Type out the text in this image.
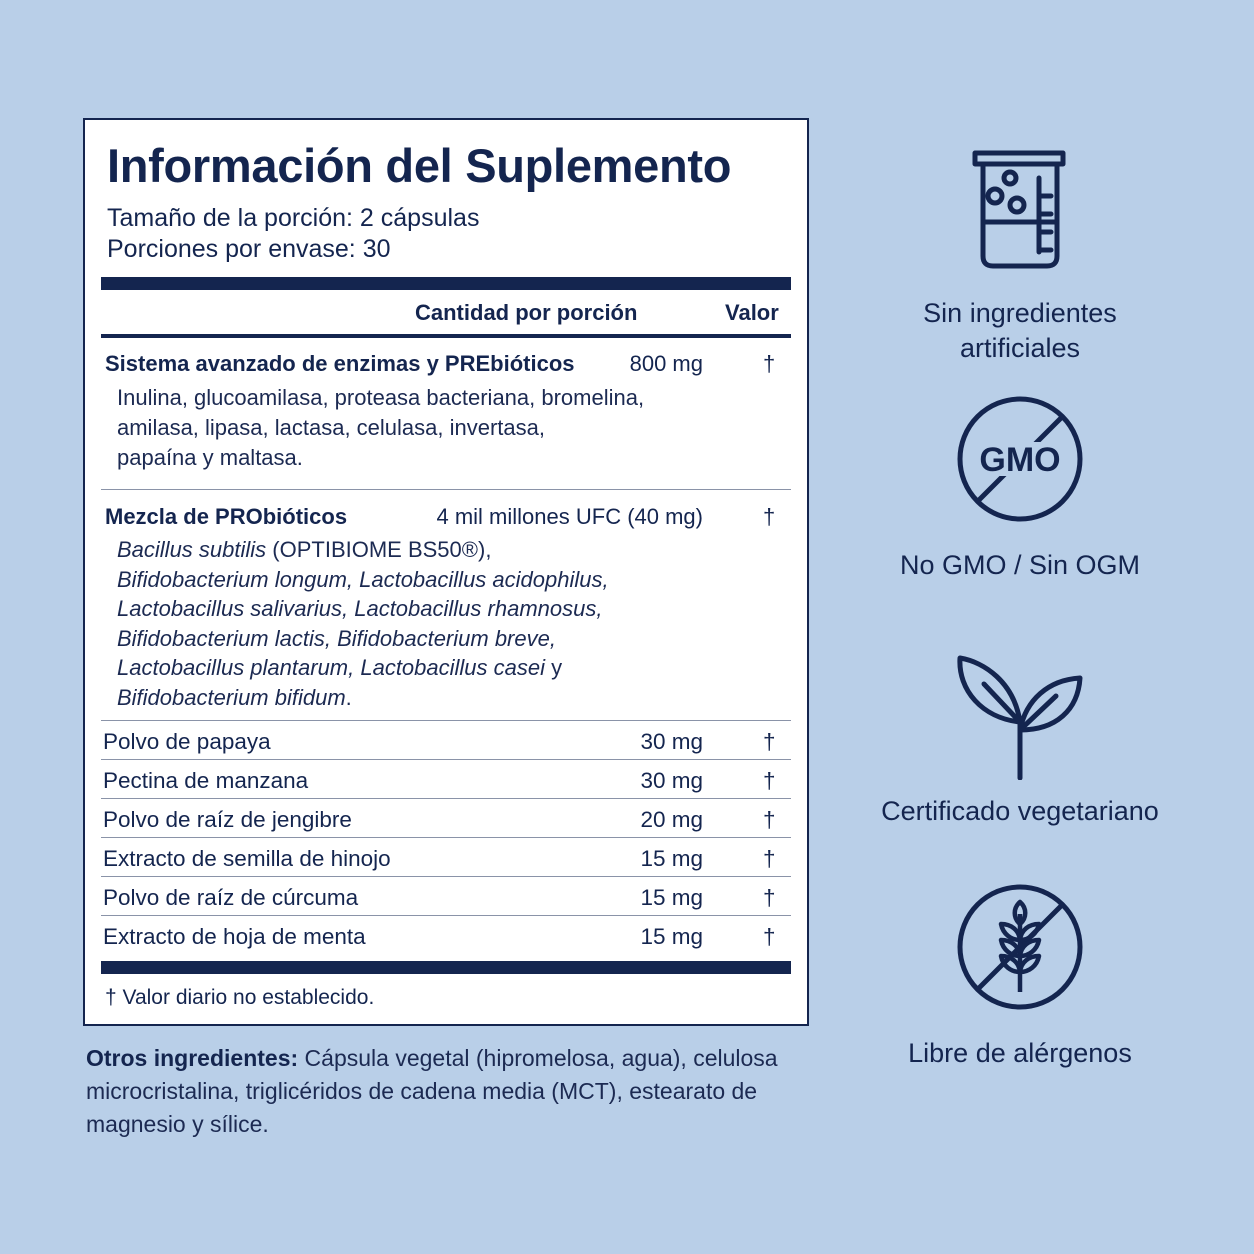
Información del Suplemento
Tamaño de la porción: 2 cápsulas
Porciones por envase: 30
Cantidad por porción	Valor
Sistema avanzado de enzimas y PREbióticos	800 mg	†
Inulina, glucoamilasa, proteasa bacteriana, bromelina,
amilasa, lipasa, lactasa, celulasa, invertasa,
papaína y maltasa.
Mezcla de PRObióticos	4 mil millones UFC (40 mg)	†
Bacillus subtilis (OPTIBIOME BS50®),
Bifidobacterium longum, Lactobacillus acidophilus,
Lactobacillus salivarius, Lactobacillus rhamnosus,
Bifidobacterium lactis, Bifidobacterium breve,
Lactobacillus plantarum, Lactobacillus casei y
Bifidobacterium bifidum.
Polvo de papaya	30 mg	†
Pectina de manzana	30 mg	†
Polvo de raíz de jengibre	20 mg	†
Extracto de semilla de hinojo	15 mg	†
Polvo de raíz de cúrcuma	15 mg	†
Extracto de hoja de menta	15 mg	†
† Valor diario no establecido.
Otros ingredientes: Cápsula vegetal (hipromelosa, agua), celulosa microcristalina, triglicéridos de cadena media (MCT), estearato de magnesio y sílice.
Sin ingredientes
artificiales
GMO
No GMO / Sin OGM
Certificado vegetariano
Libre de alérgenos
